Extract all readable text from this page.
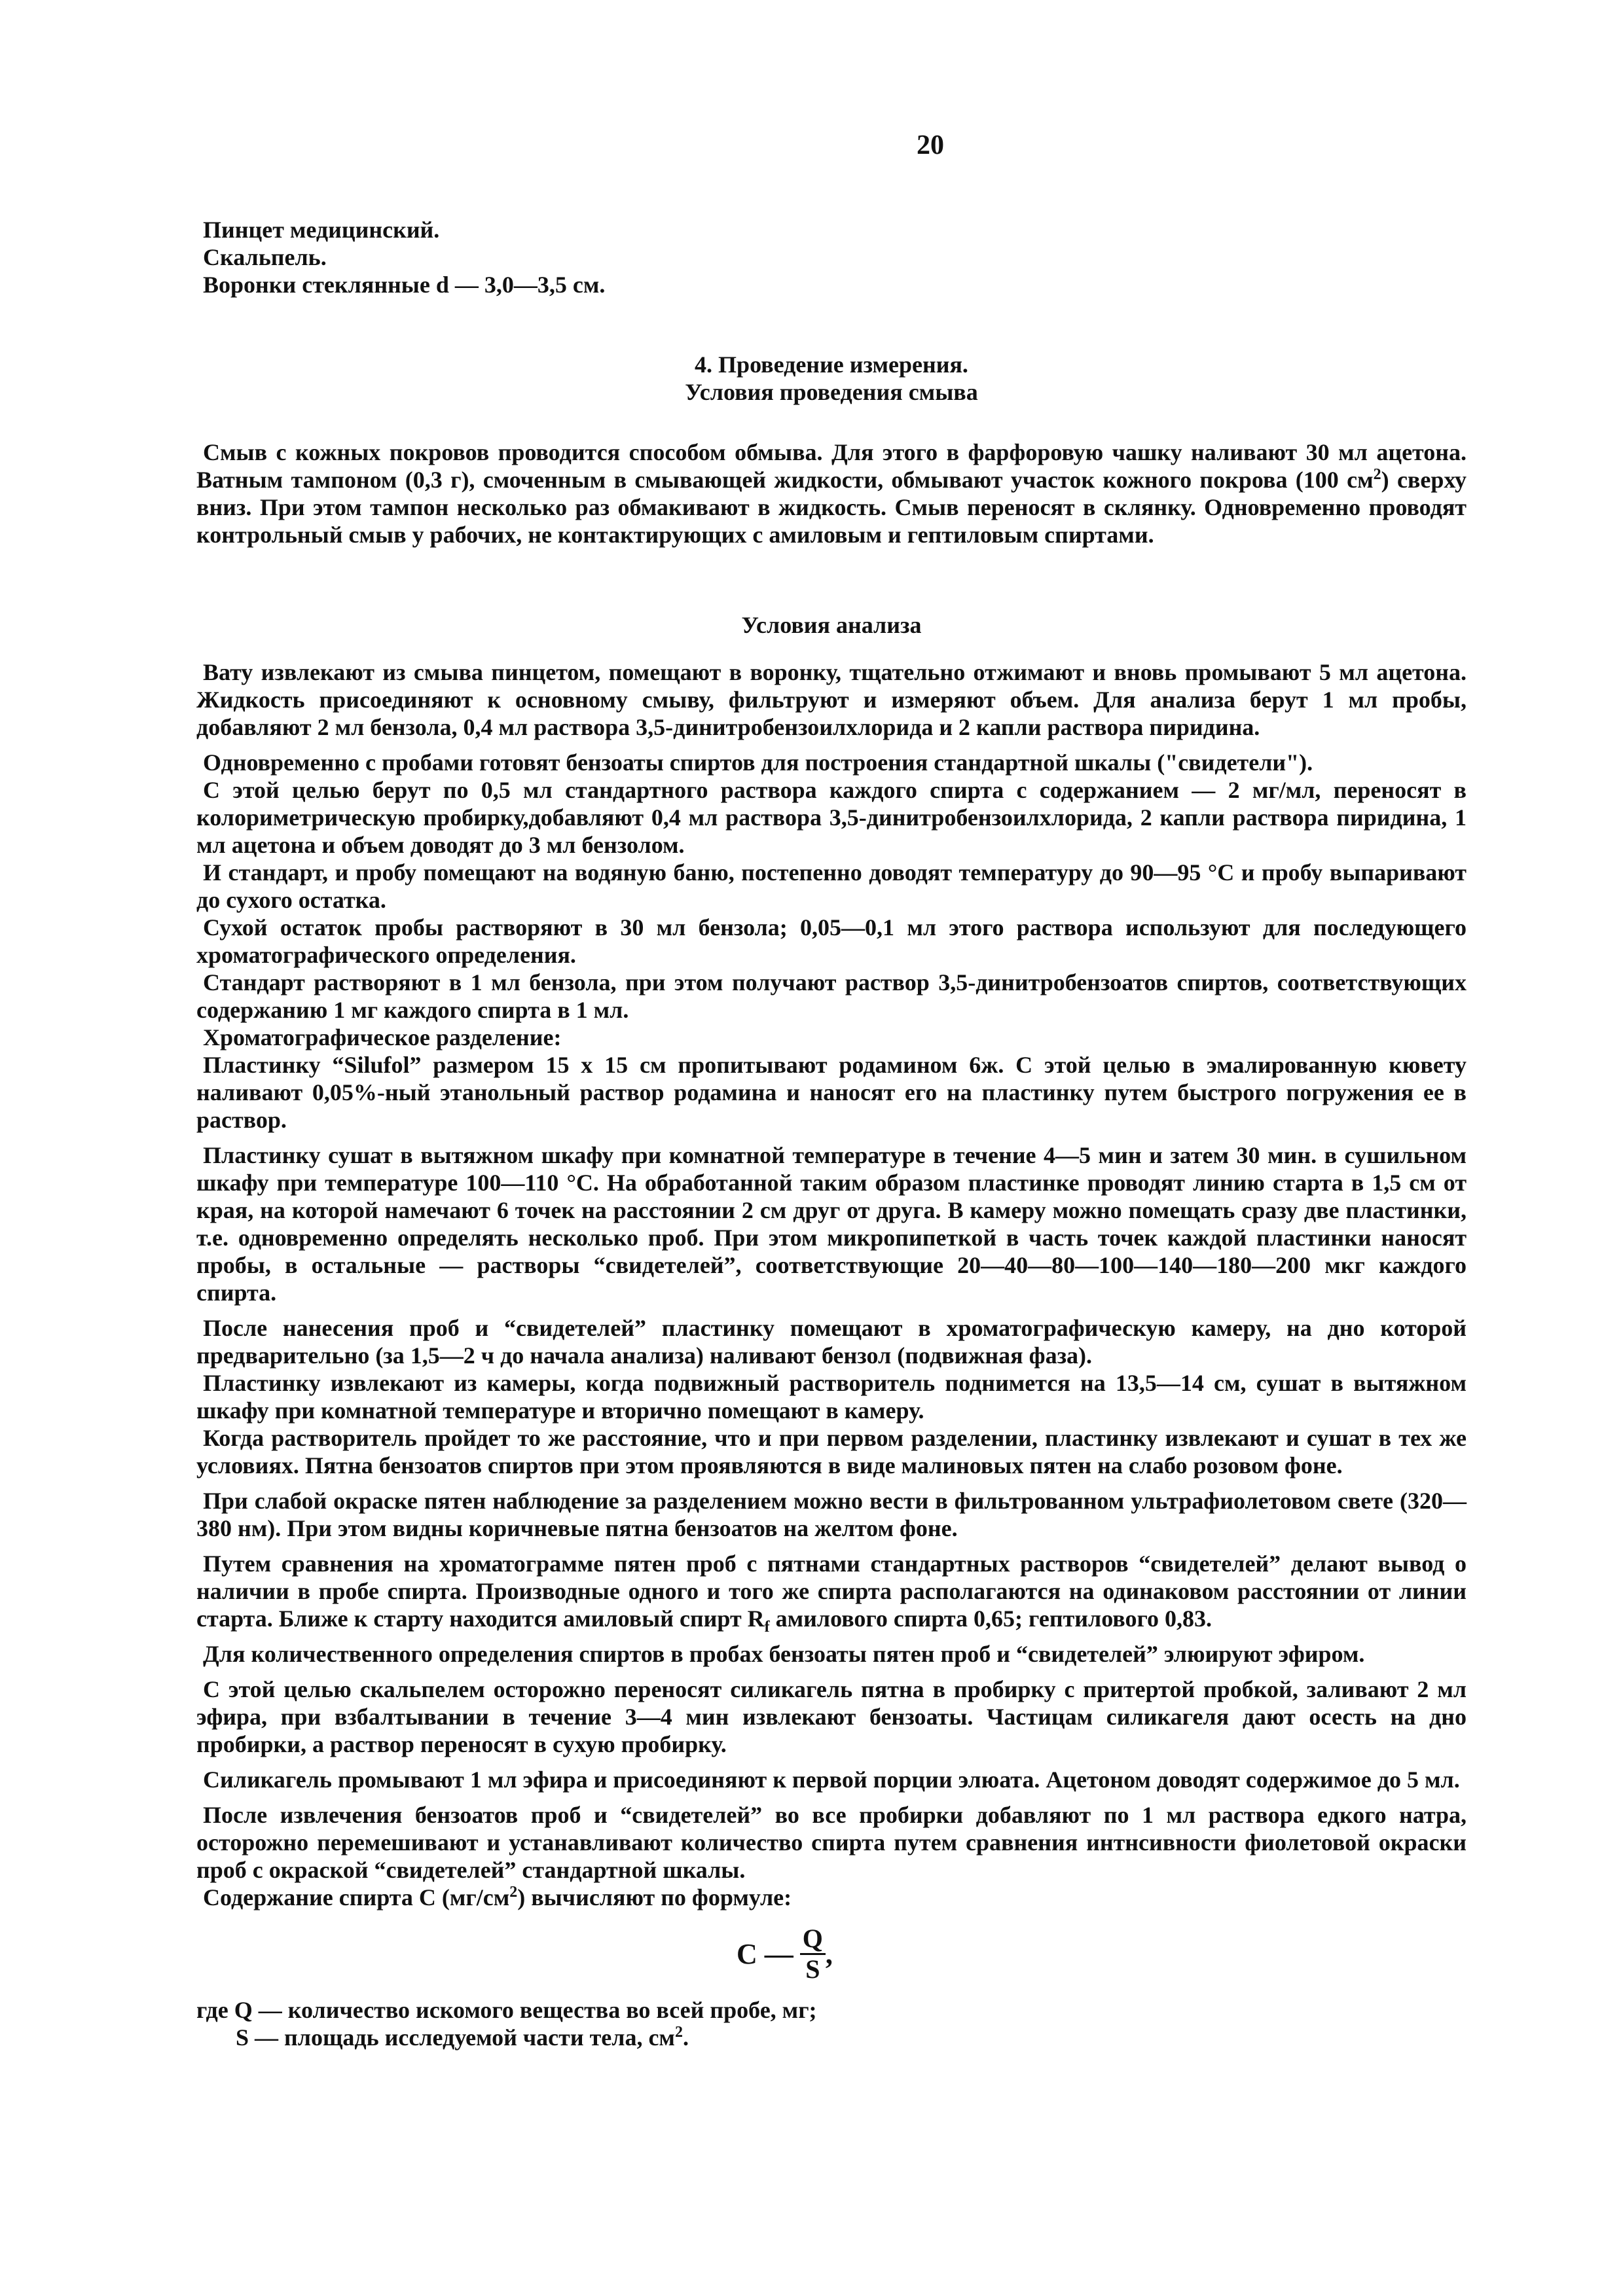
20

Пинцет медицинский.

Скальпель.

Воронки стеклянные d — 3,0—3,5 см.

4. Проведение измерения.

Условия проведения смыва

Смыв с кожных покровов проводится способом обмыва. Для этого в фарфоровую чашку наливают 30 мл ацетона. Ватным тампоном (0,3 г), смоченным в смывающей жидкости, обмывают участок кожного покрова (100 $см^2$) сверху вниз. При этом тампон несколько раз обмакивают в жидкость. Смыв переносят в склянку. Одновременно проводят контрольный смыв у рабочих, не контактирующих с амиловым и гептиловым спиртами.

Условия анализа

Вату извлекают из смыва пинцетом, помещают в воронку, тщательно отжимают и вновь промывают 5 мл ацетона. Жидкость присоединяют к основному смыву, фильтруют и измеряют объем. Для анализа берут 1 мл пробы, добавляют 2 мл бензола, 0,4 мл раствора 3,5-динитробензоилхлорида и 2 капли раствора пиридина.

Одновременно с пробами готовят бензоаты спиртов для построения стандартной шкалы ("свидетели").

С этой целью берут по 0,5 мл стандартного раствора каждого спирта с содержанием — 2 мг/мл, переносят в колориметрическую пробирку,добавляют 0,4 мл раствора 3,5-динитробензоилхлорида, 2 капли раствора пиридина, 1 мл ацетона и объем доводят до 3 мл бензолом.

И стандарт, и пробу помещают на водяную баню, постепенно доводят температуру до 90—95 °С и пробу выпаривают до сухого остатка.

Сухой остаток пробы растворяют в 30 мл бензола; 0,05—0,1 мл этого раствора используют для последующего хроматографического определения.

Стандарт растворяют в 1 мл бензола, при этом получают раствор 3,5-динитробензоатов спиртов, соответствующих содержанию 1 мг каждого спирта в 1 мл.

Хроматографическое разделение:

Пластинку “Silufol” размером 15 x 15 см пропитывают родамином 6ж. С этой целью в эмалированную кювету наливают 0,05%-ный этанольный раствор родамина и наносят его на пластинку путем быстрого погружения ее в раствор.

Пластинку сушат в вытяжном шкафу при комнатной температуре в течение 4—5 мин и затем 30 мин. в сушильном шкафу при температуре 100—110 °С. На обработанной таким образом пластинке проводят линию старта в 1,5 см от края, на которой намечают 6 точек на расстоянии 2 см друг от друга. В камеру можно помещать сразу две пластинки, т.е. одновременно определять несколько проб. При этом микропипеткой в часть точек каждой пластинки наносят пробы, в остальные — растворы “свидетелей”, соответствующие 20—40—80—100—140—180—200 мкг каждого спирта.

После нанесения проб и “свидетелей” пластинку помещают в хроматографическую камеру, на дно которой предварительно (за 1,5—2 ч до начала анализа) наливают бензол (подвижная фаза).

Пластинку извлекают из камеры, когда подвижный растворитель поднимется на 13,5—14 см, сушат в вытяжном шкафу при комнатной температуре и вторично помещают в камеру.

Когда растворитель пройдет то же расстояние, что и при первом разделении, пластинку извлекают и сушат в тех же условиях. Пятна бензоатов спиртов при этом проявляются в виде малиновых пятен на слабо розовом фоне.

При слабой окраске пятен наблюдение за разделением можно вести в фильтрованном ультрафиолетовом свете (320—380 нм). При этом видны коричневые пятна бензоатов на желтом фоне.

Путем сравнения на хроматограмме пятен проб с пятнами стандартных растворов “свидетелей” делают вывод о наличии в пробе спирта. Производные одного и того же спирта располагаются на одинаковом расстоянии от линии старта. Ближе к старту находится амиловый спирт $R_f$ амилового спирта 0,65; гептилового 0,83.

Для количественного определения спиртов в пробах бензоаты пятен проб и “свидетелей” элюируют эфиром.

С этой целью скальпелем осторожно переносят силикагель пятна в пробирку с притертой пробкой, заливают 2 мл эфира, при взбалтывании в течение 3—4 мин извлекают бензоаты. Частицам силикагеля дают осесть на дно пробирки, а раствор переносят в сухую пробирку.

Силикагель промывают 1 мл эфира и присоединяют к первой порции элюата. Ацетоном доводят содержимое до 5 мл.

После извлечения бензоатов проб и “свидетелей” во все пробирки добавляют по 1 мл раствора едкого натра, осторожно перемешивают и устанавливают количество спирта путем сравнения интнсивности фиолетовой окраски проб с окраской “свидетелей” стандартной шкалы.

Содержание спирта С $(мг/см^2)$ вычисляют по формуле:

С — $\frac{Q}{S}$ ,

где Q — количество искомого вещества во всей пробе, мг;

S — площадь исследуемой части тела, $см^2$.
